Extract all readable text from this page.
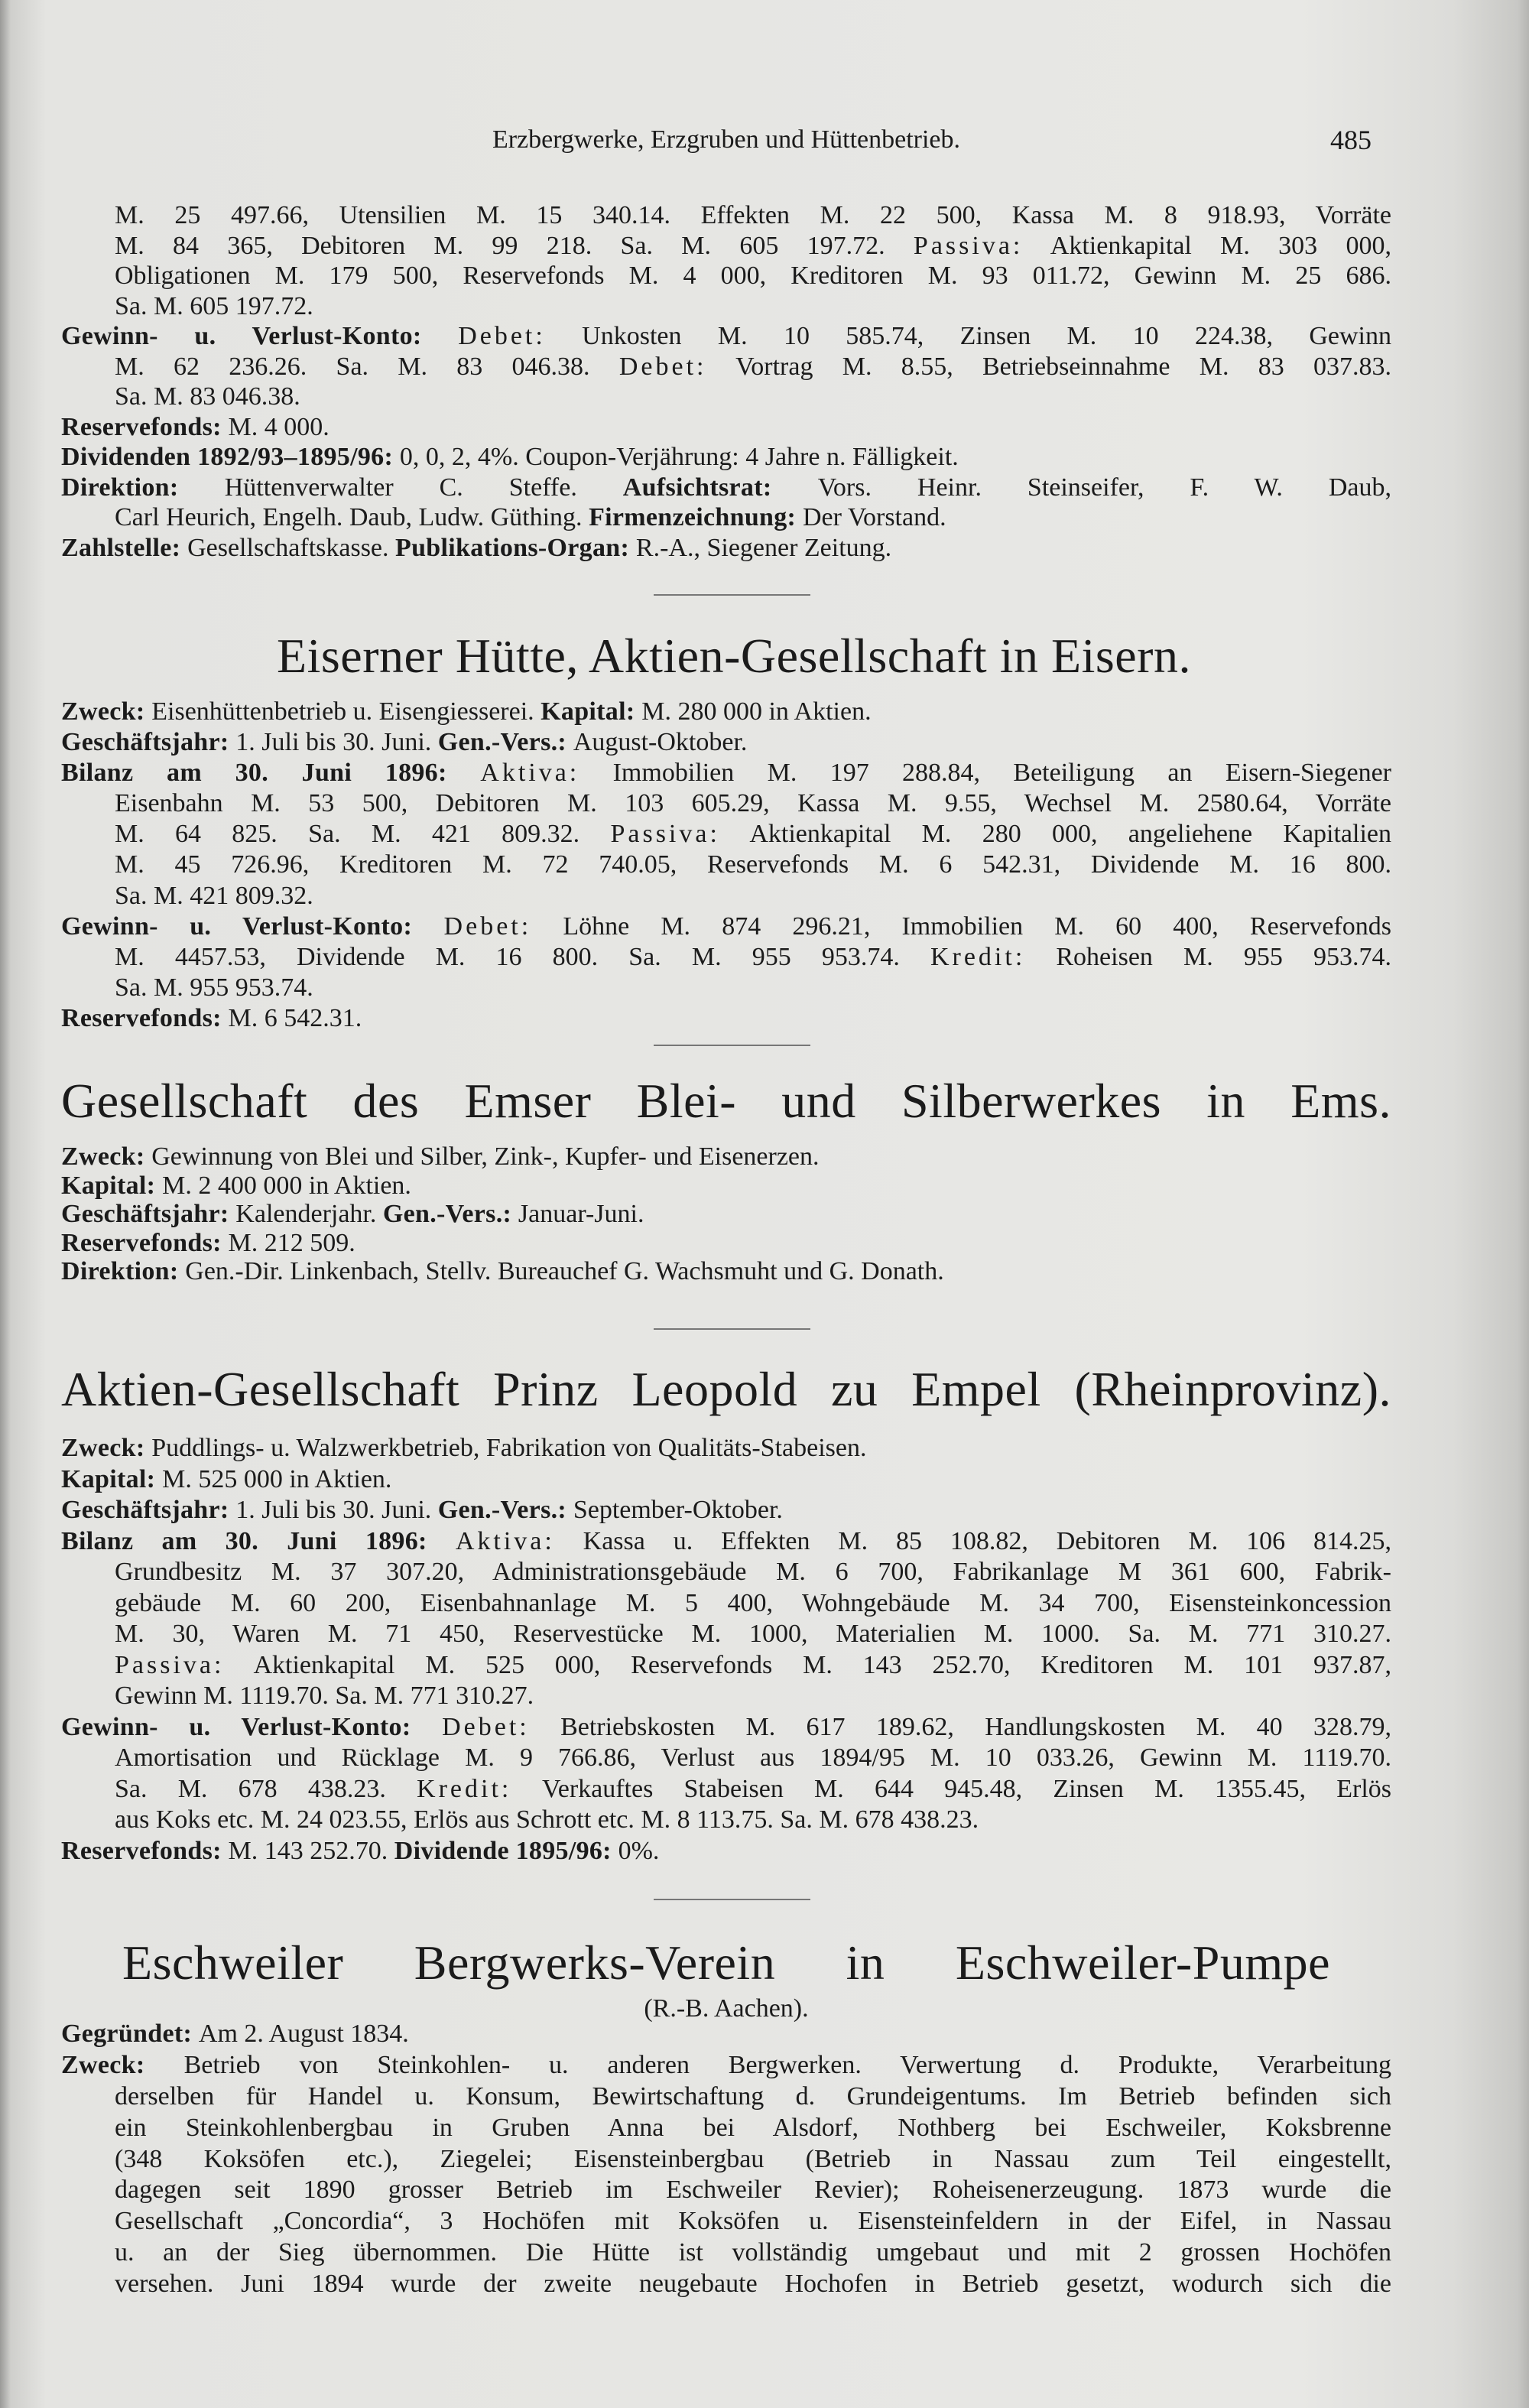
Erzbergwerke, Erzgruben und Hüttenbetrieb.	485
M. 25 497.66, Utensilien M. 15 340.14. Effekten M. 22 500, Kassa M. 8 918.93, Vorräte
M. 84 365, Debitoren M. 99 218. Sa. M. 605 197.72. Passiva: Aktienkapital M. 303 000,
Obligationen M. 179 500, Reservefonds M. 4 000, Kreditoren M. 93 011.72, Gewinn M. 25 686.
Sa. M. 605 197.72.
Gewinn- u. Verlust-Konto: Debet: Unkosten M. 10 585.74, Zinsen M. 10 224.38, Gewinn
M. 62 236.26. Sa. M. 83 046.38. Debet: Vortrag M. 8.55, Betriebseinnahme M. 83 037.83.
Sa. M. 83 046.38.
Reservefonds: M. 4 000.
Dividenden 1892/93–1895/96: 0, 0, 2, 4%. Coupon-Verjährung: 4 Jahre n. Fälligkeit.
Direktion: Hüttenverwalter C. Steffe. Aufsichtsrat: Vors. Heinr. Steinseifer, F. W. Daub,
Carl Heurich, Engelh. Daub, Ludw. Güthing. Firmenzeichnung: Der Vorstand.
Zahlstelle: Gesellschaftskasse. Publikations-Organ: R.-A., Siegener Zeitung.
Eiserner Hütte, Aktien-Gesellschaft in Eisern.
Zweck: Eisenhüttenbetrieb u. Eisengiesserei. Kapital: M. 280 000 in Aktien.
Geschäftsjahr: 1. Juli bis 30. Juni. Gen.-Vers.: August-Oktober.
Bilanz am 30. Juni 1896: Aktiva: Immobilien M. 197 288.84, Beteiligung an Eisern-Siegener
Eisenbahn M. 53 500, Debitoren M. 103 605.29, Kassa M. 9.55, Wechsel M. 2580.64, Vorräte
M. 64 825. Sa. M. 421 809.32. Passiva: Aktienkapital M. 280 000, angeliehene Kapitalien
M. 45 726.96, Kreditoren M. 72 740.05, Reservefonds M. 6 542.31, Dividende M. 16 800.
Sa. M. 421 809.32.
Gewinn- u. Verlust-Konto: Debet: Löhne M. 874 296.21, Immobilien M. 60 400, Reservefonds
M. 4457.53, Dividende M. 16 800. Sa. M. 955 953.74. Kredit: Roheisen M. 955 953.74.
Sa. M. 955 953.74.
Reservefonds: M. 6 542.31.
Gesellschaft des Emser Blei- und Silberwerkes in Ems.
Zweck: Gewinnung von Blei und Silber, Zink-, Kupfer- und Eisenerzen.
Kapital: M. 2 400 000 in Aktien.
Geschäftsjahr: Kalenderjahr. Gen.-Vers.: Januar-Juni.
Reservefonds: M. 212 509.
Direktion: Gen.-Dir. Linkenbach, Stellv. Bureauchef G. Wachsmuht und G. Donath.
Aktien-Gesellschaft Prinz Leopold zu Empel (Rheinprovinz).
Zweck: Puddlings- u. Walzwerkbetrieb, Fabrikation von Qualitäts-Stabeisen.
Kapital: M. 525 000 in Aktien.
Geschäftsjahr: 1. Juli bis 30. Juni. Gen.-Vers.: September-Oktober.
Bilanz am 30. Juni 1896: Aktiva: Kassa u. Effekten M. 85 108.82, Debitoren M. 106 814.25,
Grundbesitz M. 37 307.20, Administrationsgebäude M. 6 700, Fabrikanlage M 361 600, Fabrik-
gebäude M. 60 200, Eisenbahnanlage M. 5 400, Wohngebäude M. 34 700, Eisensteinkoncession
M. 30, Waren M. 71 450, Reservestücke M. 1000, Materialien M. 1000. Sa. M. 771 310.27.
Passiva: Aktienkapital M. 525 000, Reservefonds M. 143 252.70, Kreditoren M. 101 937.87,
Gewinn M. 1119.70. Sa. M. 771 310.27.
Gewinn- u. Verlust-Konto: Debet: Betriebskosten M. 617 189.62, Handlungskosten M. 40 328.79,
Amortisation und Rücklage M. 9 766.86, Verlust aus 1894/95 M. 10 033.26, Gewinn M. 1119.70.
Sa. M. 678 438.23. Kredit: Verkauftes Stabeisen M. 644 945.48, Zinsen M. 1355.45, Erlös
aus Koks etc. M. 24 023.55, Erlös aus Schrott etc. M. 8 113.75. Sa. M. 678 438.23.
Reservefonds: M. 143 252.70. Dividende 1895/96: 0%.
Eschweiler Bergwerks-Verein in Eschweiler-Pumpe
(R.-B. Aachen).
Gegründet: Am 2. August 1834.
Zweck: Betrieb von Steinkohlen- u. anderen Bergwerken. Verwertung d. Produkte, Verarbeitung
derselben für Handel u. Konsum, Bewirtschaftung d. Grundeigentums. Im Betrieb befinden sich
ein Steinkohlenbergbau in Gruben Anna bei Alsdorf, Nothberg bei Eschweiler, Koksbrenne
(348 Koksöfen etc.), Ziegelei; Eisensteinbergbau (Betrieb in Nassau zum Teil eingestellt,
dagegen seit 1890 grosser Betrieb im Eschweiler Revier); Roheisenerzeugung. 1873 wurde die
Gesellschaft „Concordia“, 3 Hochöfen mit Koksöfen u. Eisensteinfeldern in der Eifel, in Nassau
u. an der Sieg übernommen. Die Hütte ist vollständig umgebaut und mit 2 grossen Hochöfen
versehen. Juni 1894 wurde der zweite neugebaute Hochofen in Betrieb gesetzt, wodurch sich die
